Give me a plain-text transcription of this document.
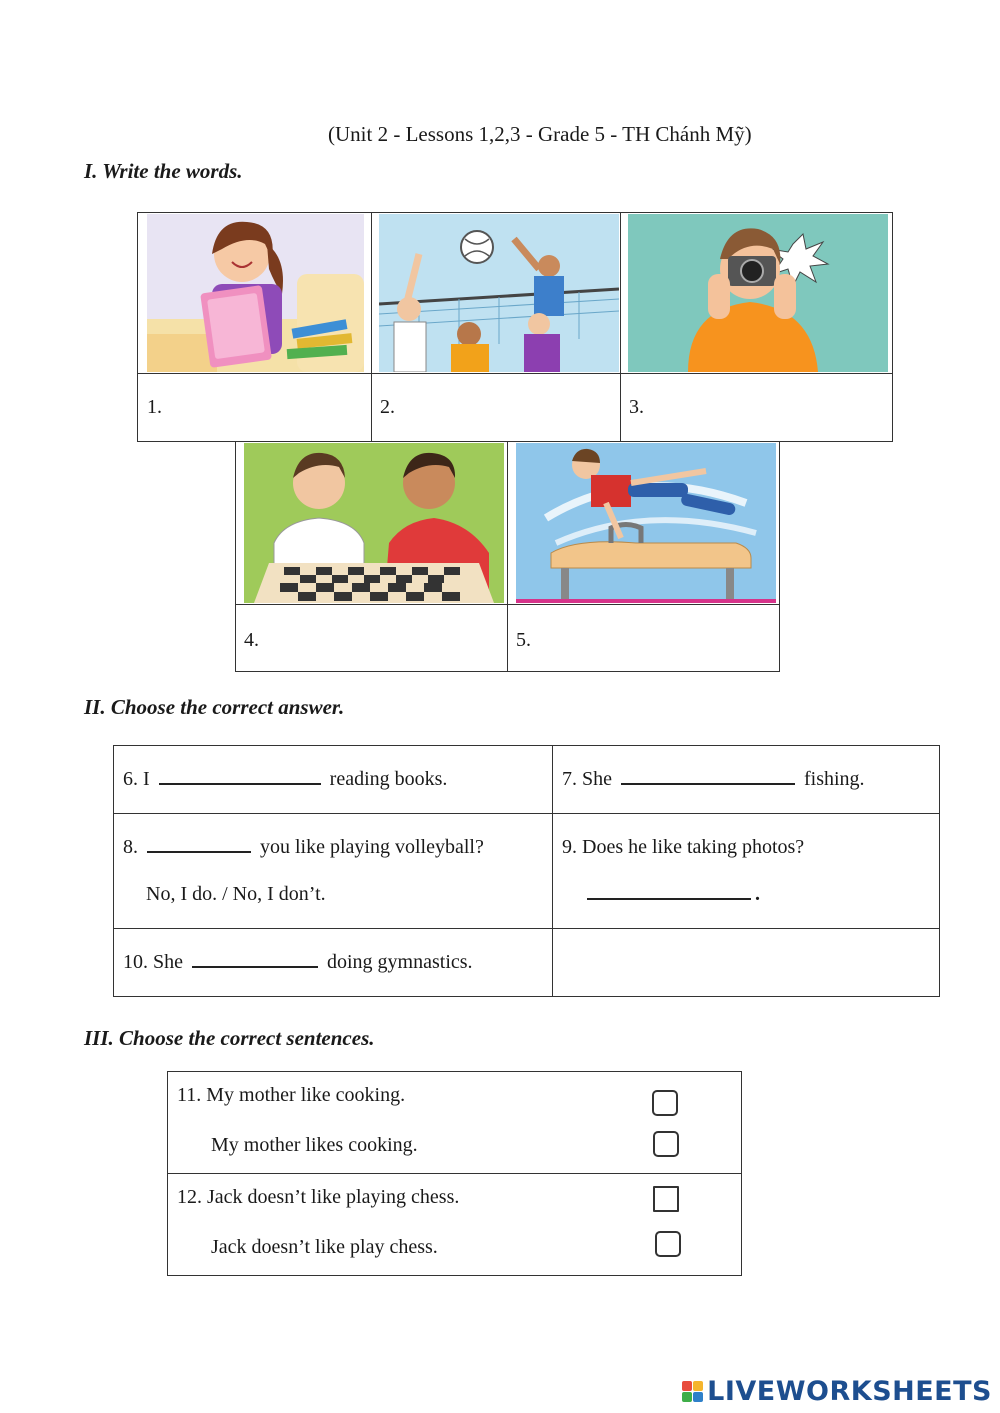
(Unit 2 - Lessons 1,2,3 - Grade 5 - TH Chánh Mỹ)
I. Write the words.
1.	2.	3.
4.	5.
II. Choose the correct answer.
6. I	reading books.	7. She	fishing.
8.	you like playing volleyball?
No, I do. / No, I don’t.
9. Does he like taking photos?
.
10. She	doing gymnastics.
III. Choose the correct sentences.
11. My mother like cooking.
My mother likes cooking.
12. Jack doesn’t like playing chess.
Jack doesn’t like play chess.
LIVEWORKSHEETS
